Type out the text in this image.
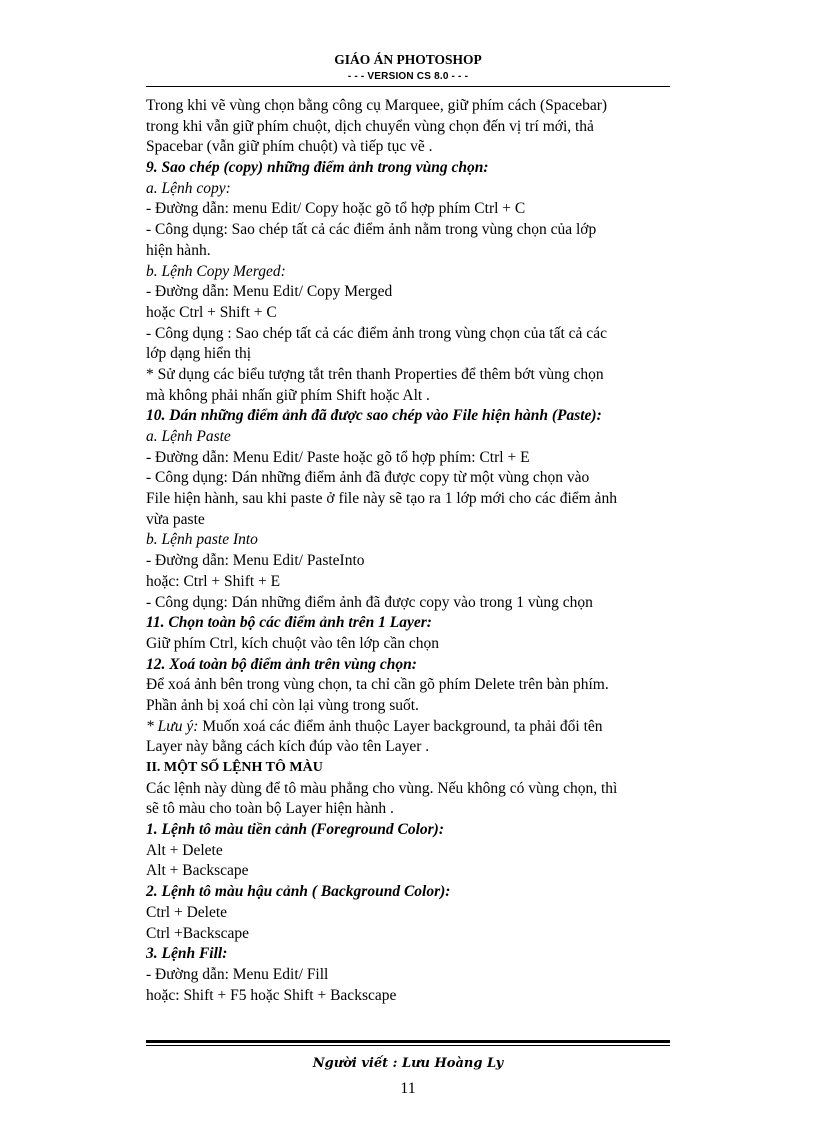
GIÁO ÁN PHOTOSHOP
- - - VERSION CS 8.0 - - -
Trong khi vẽ vùng chọn bằng công cụ Marquee, giữ phím cách (Spacebar)
trong khi vẫn giữ phím chuột, dịch chuyển vùng chọn đến vị trí mới, thả
Spacebar (vẫn giữ phím chuột) và tiếp tục vẽ .
9. Sao chép (copy) những điểm ảnh trong vùng chọn:
a. Lệnh copy:
- Đường dẫn: menu Edit/ Copy hoặc gõ tổ hợp phím Ctrl + C
- Công dụng: Sao chép tất cả các điểm ảnh nằm trong vùng chọn của lớp
hiện hành.
b. Lệnh Copy Merged:
- Đường dẫn: Menu Edit/ Copy Merged
hoặc Ctrl + Shift + C
- Công dụng : Sao chép tất cả các điểm ảnh trong vùng chọn của tất cả các
lớp dạng hiển thị
* Sử dụng các biểu tượng tắt trên thanh Properties để thêm bớt vùng chọn
mà không phải nhấn giữ phím Shift hoặc Alt .
10. Dán những điểm ảnh đã được sao chép vào File hiện hành (Paste):
a. Lệnh Paste
- Đường dẫn: Menu Edit/ Paste hoặc gõ tổ hợp phím: Ctrl + E
- Công dụng: Dán những điểm ảnh đã được copy từ một vùng chọn vào
File hiện hành, sau khi paste ở file này sẽ tạo ra 1 lớp mới cho các điểm ảnh
vừa paste
b. Lệnh paste Into
- Đường dẫn: Menu Edit/ PasteInto
hoặc: Ctrl + Shift + E
- Công dụng: Dán những điểm ảnh đã được copy vào trong 1 vùng chọn
11. Chọn toàn bộ các điểm ảnh trên 1 Layer:
Giữ phím Ctrl, kích chuột vào tên lớp cần chọn
12. Xoá toàn bộ điểm ảnh trên vùng chọn:
Để xoá ảnh bên trong vùng chọn, ta chỉ cần gõ phím Delete trên bàn phím.
Phần ảnh bị xoá chỉ còn lại vùng trong suốt.
* Lưu ý: Muốn xoá các điểm ảnh thuộc Layer background, ta phải đổi tên
Layer này bằng cách kích đúp vào tên Layer .
II. MỘT SỐ LỆNH TÔ MÀU
Các lệnh này dùng để tô màu phẳng cho vùng. Nếu không có vùng chọn, thì
sẽ tô màu cho toàn bộ Layer hiện hành .
1. Lệnh tô màu tiền cảnh (Foreground Color):
Alt + Delete
Alt + Backscape
2. Lệnh tô màu hậu cảnh ( Background Color):
Ctrl + Delete
Ctrl +Backscape
3. Lệnh Fill:
- Đường dẫn: Menu Edit/ Fill
hoặc: Shift + F5 hoặc Shift + Backscape
Người viết : Lưu Hoàng Ly
11
